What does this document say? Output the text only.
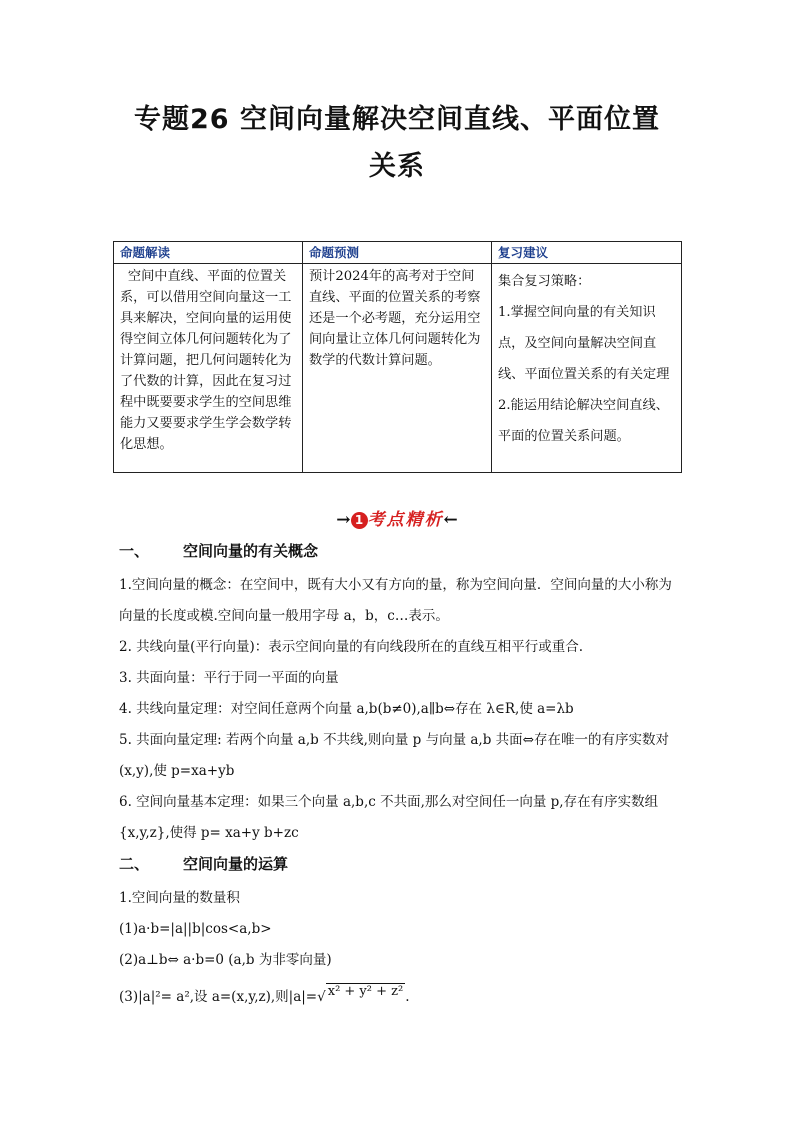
专题26 空间向量解决空间直线、平面位置
关系
命题解读	命题预测	复习建议
空间中直线、平面的位置关系，可以借用空间向量这一工具来解决，空间向量的运用使得空间立体几何问题转化为了计算问题，把几何问题转化为了代数的计算，因此在复习过程中既要要求学生的空间思维能力又要要求学生学会数学转化思想。	预计2024年的高考对于空间直线、平面的位置关系的考察还是一个必考题，充分运用空间向量让立体几何问题转化为数学的代数计算问题。	集合复习策略：

1.掌握空间向量的有关知识点，及空间向量解决空间直线、平面位置关系的有关定理

2.能运用结论解决空间直线、平面的位置关系问题。

→ 1 考点精析←
一、 空间向量的有关概念
1.空间向量的概念：在空间中，既有大小又有方向的量，称为空间向量．空间向量的大小称为向量的长度或模.空间向量一般用字母 a，b，c…表示。
2. 共线向量(平行向量)：表示空间向量的有向线段所在的直线互相平行或重合.
3. 共面向量：平行于同一平面的向量
4. 共线向量定理：对空间任意两个向量 a,b(b≠0),a∥b⇔存在 λ∈R,使 a=λb
5. 共面向量定理: 若两个向量 a,b 不共线,则向量 p 与向量 a,b 共面⇔存在唯一的有序实数对(x,y),使 p=xa+yb
6. 空间向量基本定理：如果三个向量 a,b,c 不共面,那么对空间任一向量 p,存在有序实数组{x,y,z},使得 p= xa+y b+zc
二、 空间向量的运算
1.空间向量的数量积
(1)a·b=|a||b|cos<a,b>
(2)a⊥b⇔ a·b=0 (a,b 为非零向量)
(3)|a|²= a²,设 a=(x,y,z),则|a|=√ x² + y² + z² .
